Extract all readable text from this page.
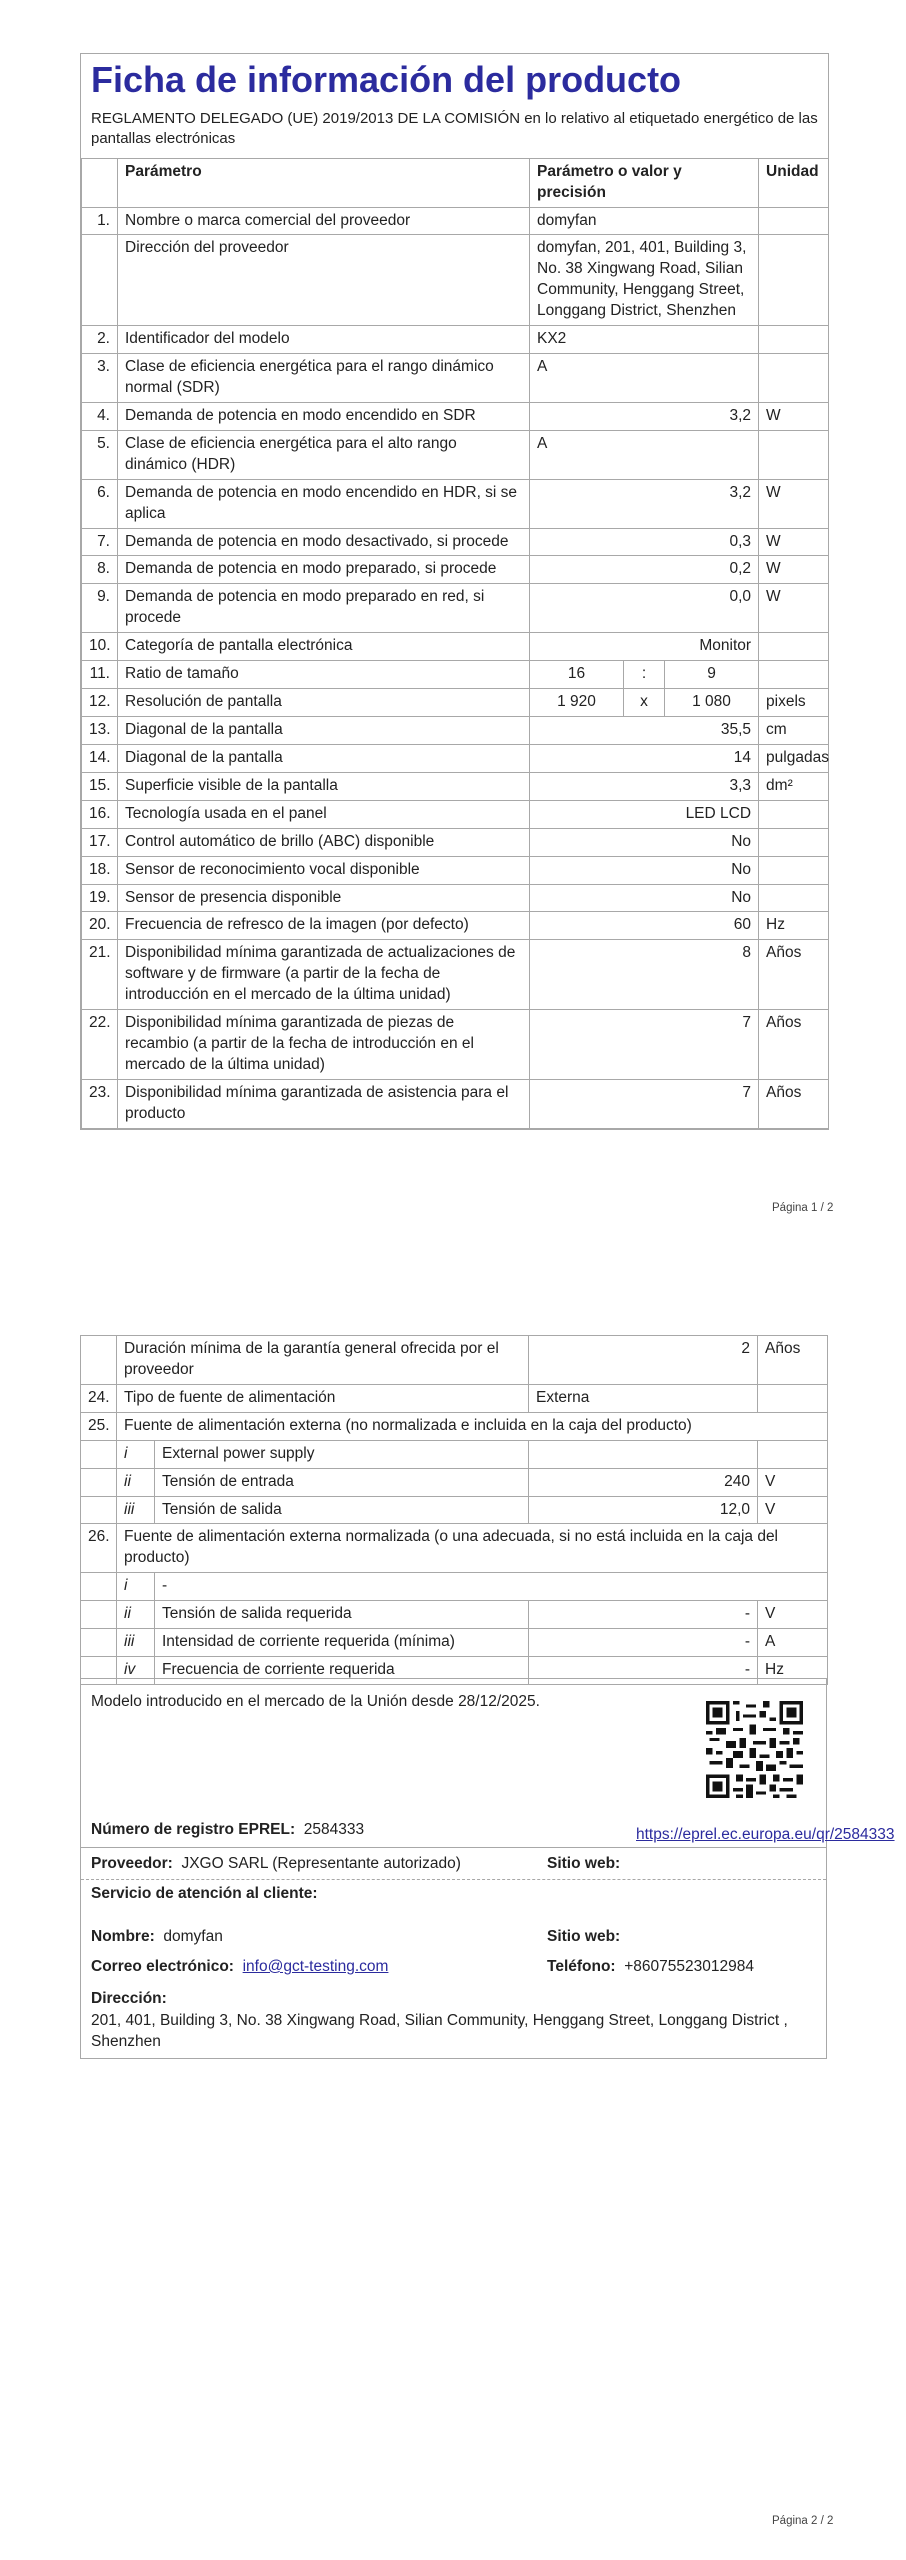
Ficha de información del producto
REGLAMENTO DELEGADO (UE) 2019/2013 DE LA COMISIÓN en lo relativo al etiquetado energético de las pantallas electrónicas
	Parámetro	Parámetro o valor y precisión			Unidad
1.	Nombre o marca comercial del proveedor	domyfan			
	Dirección del proveedor	domyfan, 201, 401, Building 3, No. 38 Xingwang Road, Silian Community, Henggang Street, Longgang District, Shenzhen			
2.	Identificador del modelo	KX2			
3.	Clase de eficiencia energética para el rango dinámico normal (SDR)	A			
4.	Demanda de potencia en modo encendido en SDR	3,2			W
5.	Clase de eficiencia energética para el alto rango dinámico (HDR)	A			
6.	Demanda de potencia en modo encendido en HDR, si se aplica	3,2			W
7.	Demanda de potencia en modo desactivado, si procede	0,3			W
8.	Demanda de potencia en modo preparado, si procede	0,2			W
9.	Demanda de potencia en modo preparado en red, si procede	0,0			W
10.	Categoría de pantalla electrónica	Monitor			
11.	Ratio de tamaño	16	:	9	
12.	Resolución de pantalla	1 920	x	1 080	pixels
13.	Diagonal de la pantalla	35,5			cm
14.	Diagonal de la pantalla	14			pulgadas
15.	Superficie visible de la pantalla	3,3			dm²
16.	Tecnología usada en el panel	LED LCD			
17.	Control automático de brillo (ABC) disponible	No			
18.	Sensor de reconocimiento vocal disponible	No			
19.	Sensor de presencia disponible	No			
20.	Frecuencia de refresco de la imagen (por defecto)	60			Hz
21.	Disponibilidad mínima garantizada de actualizaciones de software y de firmware (a partir de la fecha de introducción en el mercado de la última unidad)	8			Años
22.	Disponibilidad mínima garantizada de piezas de recambio (a partir de la fecha de introducción en el mercado de la última unidad)	7			Años
23.	Disponibilidad mínima garantizada de asistencia para el producto	7			Años
Página 1 / 2
	Duración mínima de la garantía general ofrecida por el proveedor		2	Años
24.	Tipo de fuente de alimentación		Externa	
25.	Fuente de alimentación externa (no normalizada e incluida en la caja del producto)			
	i	External power supply		
	ii	Tensión de entrada	240	V
	iii	Tensión de salida	12,0	V
26.	Fuente de alimentación externa normalizada (o una adecuada, si no está incluida en la caja del producto)			
	i	-		
	ii	Tensión de salida requerida	-	V
	iii	Intensidad de corriente requerida (mínima)	-	A
	iv	Frecuencia de corriente requerida	-	Hz
Modelo introducido en el mercado de la Unión desde 28/12/2025.
Número de registro EPREL: 2584333	https://eprel.ec.europa.eu/qr/2584333
Proveedor: JXGO SARL (Representante autorizado)	Sitio web:
Servicio de atención al cliente:
Nombre: domyfan	Sitio web:
Correo electrónico: info@gct-testing.com	Teléfono: +86075523012984
Dirección:
201, 401, Building 3, No. 38 Xingwang Road, Silian Community, Henggang Street, Longgang District , Shenzhen
Página 2 / 2
